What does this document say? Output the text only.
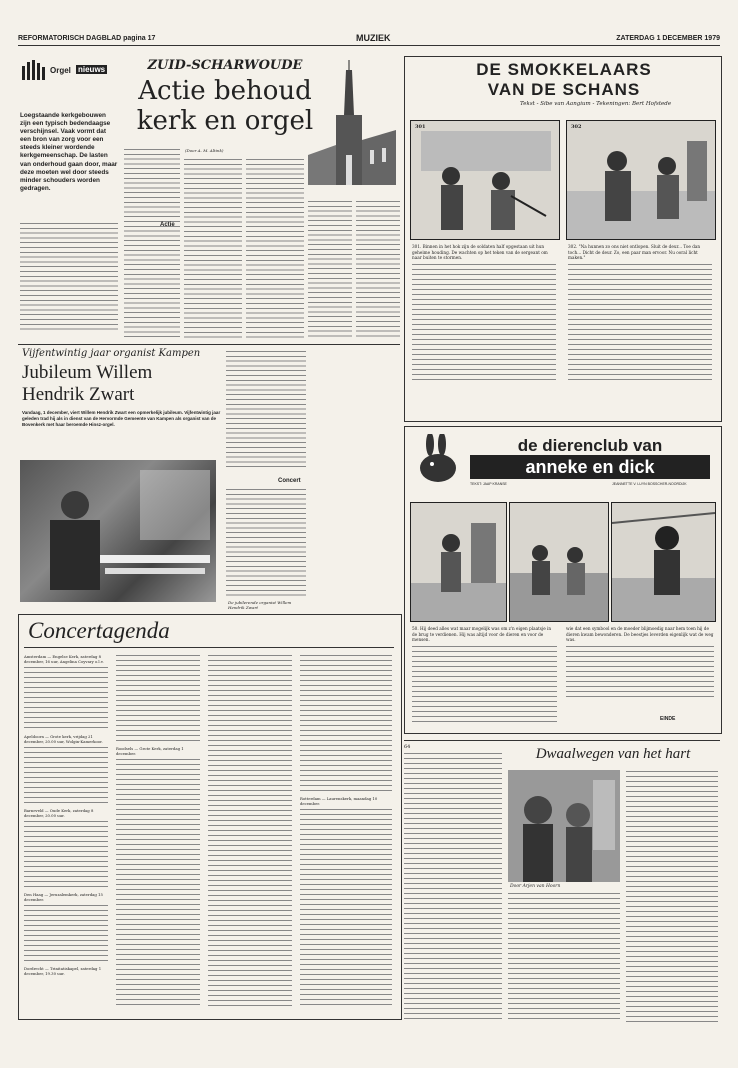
REFORMATORISCH DAGBLAD pagina 17	MUZIEK	ZATERDAG 1 DECEMBER 1979
Orgel nieuws	ZUID-SCHARWOUDE
Actie behoud
kerk en orgel
Loegstaande kerkgebouwen zijn een typisch bedendaagse verschijnsel. Vaak vormt dat een bron van zorg voor een steeds kleiner wordende kerkgemeenschap. De lasten van onderhoud gaan door, maar deze moeten wel door steeds minder schouders worden gedragen.
(Door A. M. Altink)
Actie
Vijfentwintig jaar organist Kampen
Jubileum Willem
Hendrik Zwart
Vandaag, 1 december, viert Willem Hendrik Zwart een opmerkelijk jubileum. Vijfentwintig jaar geleden trad hij als in dienst van de Hervormde Gemeente van Kampen als organist van de Bovenkerk met haar beroemde Hinsz-orgel.
Concert
De jubilerende organist Willem Hendrik Zwart
Concertagenda
Amsterdam — Engelse Kerk, zaterdag 8 december, 16 uur, Angelina Coyvary o.l.v.
Apeldoorn — Grote kerk, vrijdag 21 december, 20.00 uur, Wolgin-Kamerkoor.
Barneveld — Oude Kerk, zaterdag 8 december, 20.00 uur.
Den Haag — Jeruzalemkerk, zaterdag 15 december.
Dordrecht — Trinitatiskapel, zaterdag 1 december, 19.30 uur.
Roodsels — Grote Kerk, zaterdag 1 december.
Rotterdam — Laurenskerk, maandag 10 december.
DE SMOKKELAARS
VAN DE SCHANS
Tekst - Sibe van Aangium - Tekeningen: Bert Hofstede
301	302
301. Binnen in het hok zijn de soldaten half opgestaan uit hun geheime houding. De wachten op het teken van de sergeant om naar buiten te stormen.
302. "Na hunnen zo ons niet ontlopen. Sluit de deur... Toe dan toch... Dicht de deur. Zo, een paar man ervoor. Nu ooral licht maken."
de dierenclub van
anneke en dick
TEKST: JAAP KRANSE	JEANNETTE V. LUYN BOSSCHER-NOORDIJK
50. Hij deed alles wat maar mogelijk was om z'n eigen plaatsje in de brug te verdienen. Hij was altijd voor de dieren en voor de mensen.
wie dat een symbool en de moeder blijmoedig naar hem toen hij de dieren kwam bewonderen. De beestjes leverden eigenlijk wat de weg was.
EINDE
64	Dwaalwegen van het hart
Door Arjen van Hoorn
